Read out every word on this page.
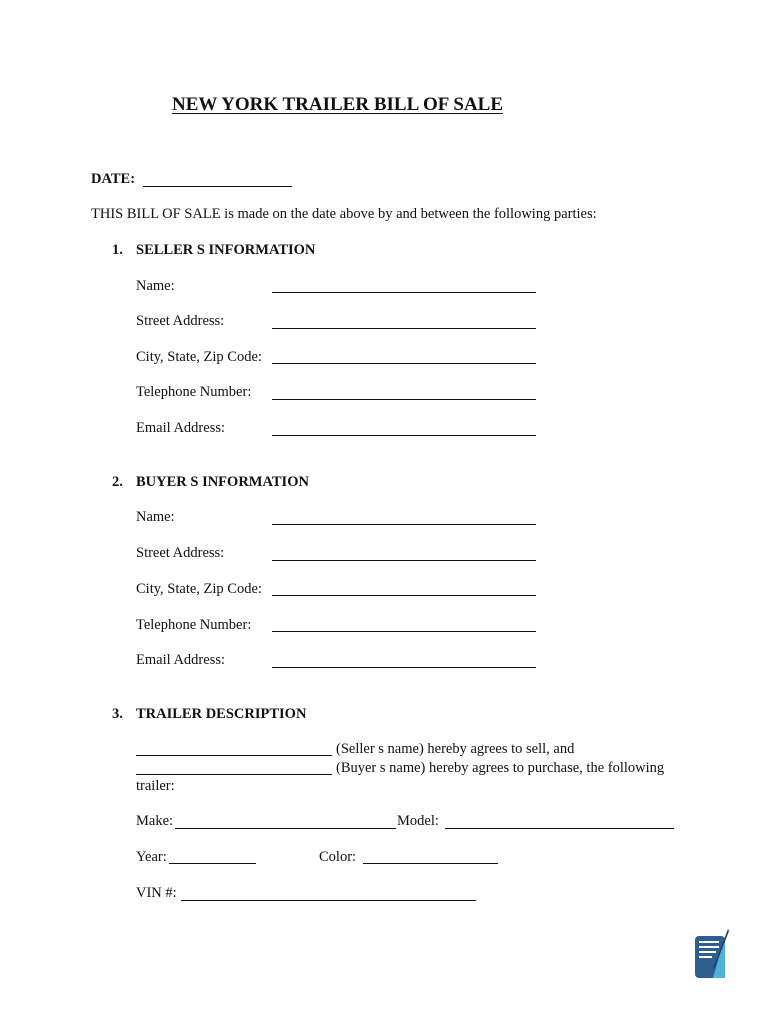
NEW YORK TRAILER BILL OF SALE
DATE:
THIS BILL OF SALE is made on the date above by and between the following parties:
1. SELLER S INFORMATION
Name:
Street Address:
City, State, Zip Code:
Telephone Number:
Email Address:
2. BUYER S INFORMATION
Name:
Street Address:
City, State, Zip Code:
Telephone Number:
Email Address:
3. TRAILER DESCRIPTION
(Seller s name) hereby agrees to sell, and
(Buyer s name) hereby agrees to purchase, the following
trailer:
Make:	Model:
Year:	Color:
VIN #:
